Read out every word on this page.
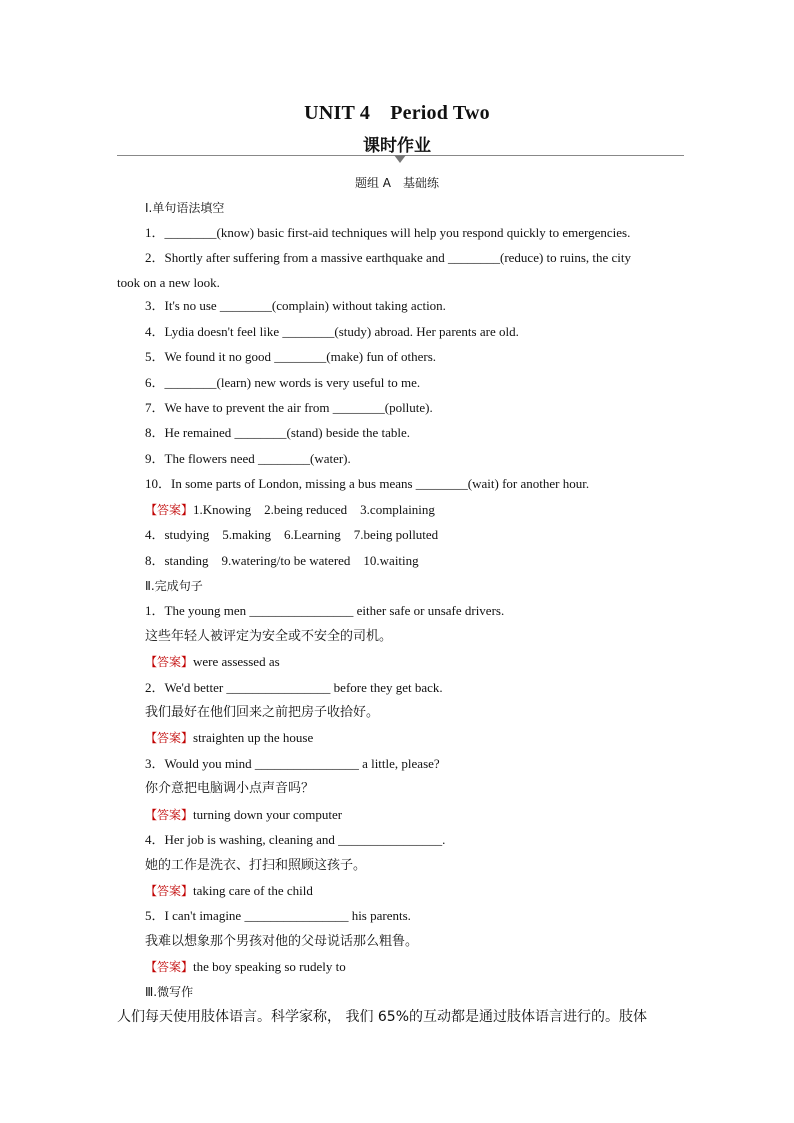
UNIT 4　Period Two
课时作业
题组 A　基础练
Ⅰ.单句语法填空
1．________(know) basic first-aid techniques will help you respond quickly to emergencies.
2．Shortly after suffering from a massive earthquake and ________(reduce) to ruins, the city
took on a new look.
3．It's no use ________(complain) without taking action.
4．Lydia doesn't feel like ________(study) abroad. Her parents are old.
5．We found it no good ________(make) fun of others.
6．________(learn) new words is very useful to me.
7．We have to prevent the air from ________(pollute).
8．He remained ________(stand) beside the table.
9．The flowers need ________(water).
10．In some parts of London, missing a bus means ________(wait) for another hour.
【答案】1.Knowing　2.being reduced　3.complaining
4．studying　5.making　6.Learning　7.being polluted
8．standing　9.watering/to be watered　10.waiting
Ⅱ.完成句子
1．The young men ________________ either safe or unsafe drivers.
这些年轻人被评定为安全或不安全的司机。
【答案】were assessed as
2．We'd better ________________ before they get back.
我们最好在他们回来之前把房子收拾好。
【答案】straighten up the house
3．Would you mind ________________ a little, please?
你介意把电脑调小点声音吗？
【答案】turning down your computer
4．Her job is washing, cleaning and ________________.
她的工作是洗衣、打扫和照顾这孩子。
【答案】taking care of the child
5．I can't imagine ________________ his parents.
我难以想象那个男孩对他的父母说话那么粗鲁。
【答案】the boy speaking so rudely to
Ⅲ.微写作
人们每天使用肢体语言。科学家称， 我们 65%的互动都是通过肢体语言进行的。肢体
